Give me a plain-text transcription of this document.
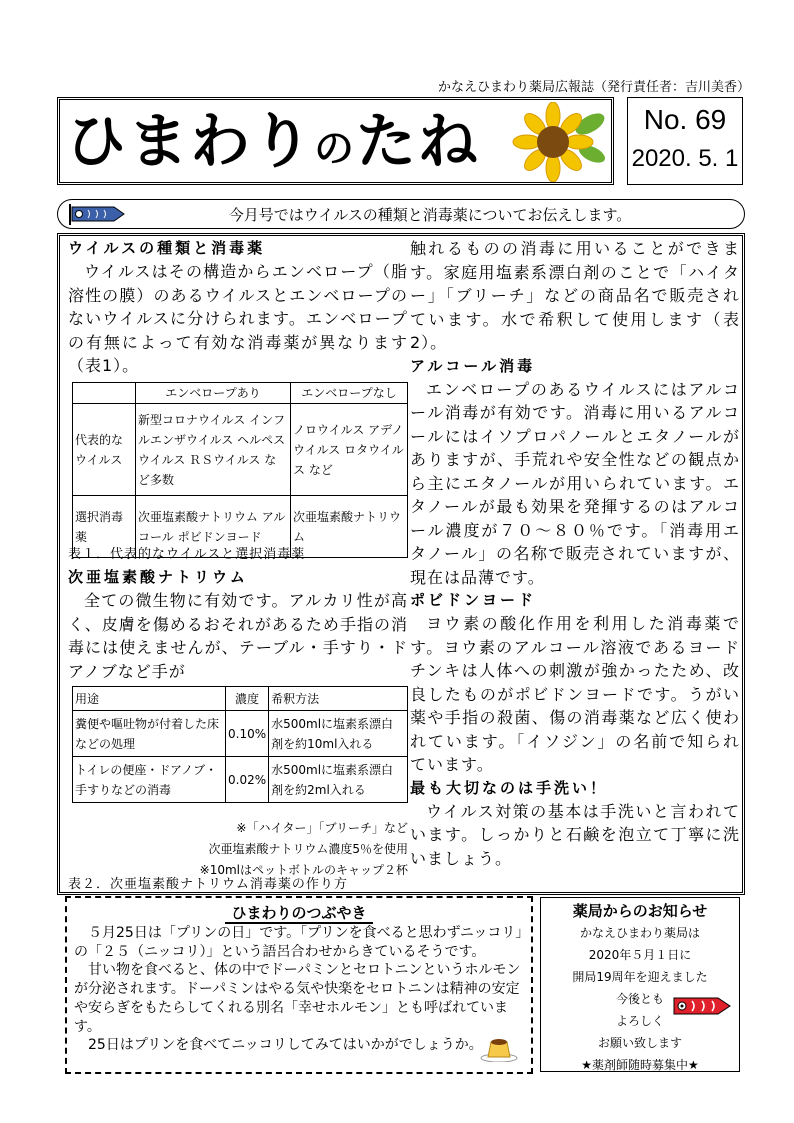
かなえひまわり薬局広報誌（発行責任者：吉川美香）
ひまわりのたね	No. 69
2020. 5. 1
今月号ではウイルスの種類と消毒薬についてお伝えします。
ウイルスの種類と消毒薬

ウイルスはその構造からエンベロープ（脂溶性の膜）のあるウイルスとエンベロープのないウイルスに分けられます。エンベロープの有無によって有効な消毒薬が異なります（表1）。

	エンベロープあり	エンベロープなし
代表的なウイルス	新型コロナウイルス インフルエンザウイルス ヘルペスウイルス ＲＳウイルス など多数	ノロウイルス アデノウイルス ロタウイルス など
選択消毒薬	次亜塩素酸ナトリウム アルコール ポビドンヨード	次亜塩素酸ナトリウム
表１．代表的なウイルスと選択消毒薬
次亜塩素酸ナトリウム

全ての微生物に有効です。アルカリ性が高く、皮膚を傷めるおそれがあるため手指の消毒には使えませんが、テーブル・手すり・ドアノブなど手が

用途	濃度	希釈方法
糞便や嘔吐物が付着した床などの処理	0.10%	水500mlに塩素系漂白剤を約10ml入れる
トイレの便座・ドアノブ・手すりなどの消毒	0.02%	水500mlに塩素系漂白剤を約2ml入れる
※「ハイター」「ブリーチ」など
次亜塩素酸ナトリウム濃度5％を使用
※10mlはペットボトルのキャップ２杯
表２．次亜塩素酸ナトリウム消毒薬の作り方

触れるものの消毒に用いることができます。家庭用塩素系漂白剤のことで「ハイター」「ブリーチ」などの商品名で販売されています。水で希釈して使用します（表2）。

アルコール消毒

エンベロープのあるウイルスにはアルコール消毒が有効です。消毒に用いるアルコールにはイソプロパノールとエタノールがありますが、手荒れや安全性などの観点から主にエタノールが用いられています。エタノールが最も効果を発揮するのはアルコール濃度が７０～８０％です。「消毒用エタノール」の名称で販売されていますが、現在は品薄です。

ポビドンヨード

ヨウ素の酸化作用を利用した消毒薬です。ヨウ素のアルコール溶液であるヨードチンキは人体への刺激が強かったため、改良したものがポビドンヨードです。うがい薬や手指の殺菌、傷の消毒薬など広く使われています。「イソジン」の名前で知られています。

最も大切なのは手洗い！

ウイルス対策の基本は手洗いと言われています。しっかりと石鹸を泡立て丁寧に洗いましょう。

ひまわりのつぶやき

５月25日は「プリンの日」です。「プリンを食べると思わずニッコリ」の「２５（ニッコリ）」という語呂合わせからきているそうです。

甘い物を食べると、体の中でドーパミンとセロトニンというホルモンが分泌されます。ドーパミンはやる気や快楽をセロトニンは精神の安定や安らぎをもたらしてくれる別名「幸せホルモン」とも呼ばれています。

25日はプリンを食べてニッコリしてみてはいかがでしょうか。

薬局からのお知らせ
かなえひまわり薬局は
2020年５月１日に
開局19周年を迎えました
今後とも
よろしく
お願い致します
★薬剤師随時募集中★
